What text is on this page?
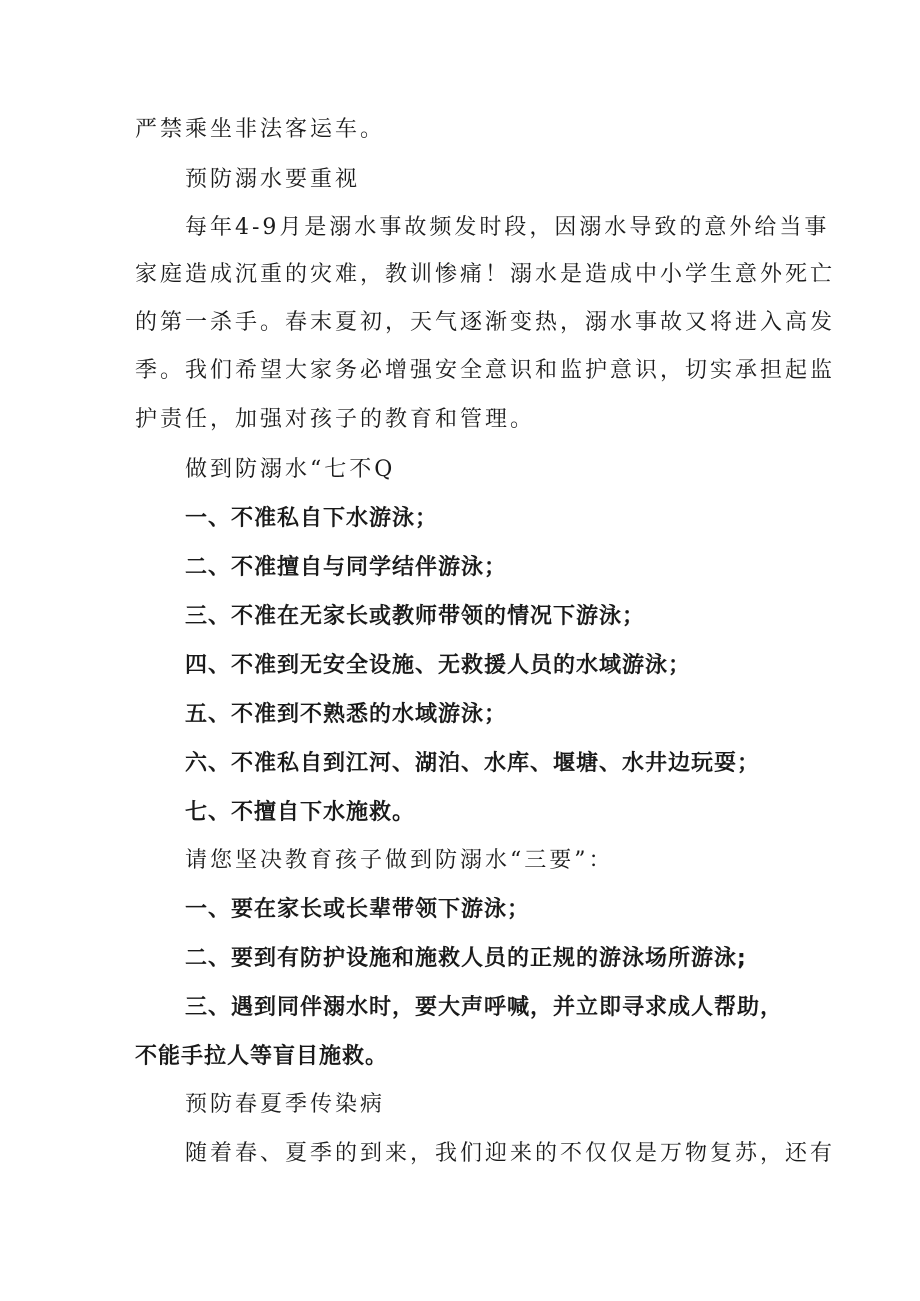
严禁乘坐非法客运车。
预防溺水要重视
每年4-9月是溺水事故频发时段，因溺水导致的意外给当事
家庭造成沉重的灾难，教训惨痛！溺水是造成中小学生意外死亡
的第一杀手。春末夏初，天气逐渐变热，溺水事故又将进入高发
季。我们希望大家务必增强安全意识和监护意识，切实承担起监
护责任，加强对孩子的教育和管理。
做到防溺水“七不Q
一、不准私自下水游泳；
二、不准擅自与同学结伴游泳；
三、不准在无家长或教师带领的情况下游泳；
四、不准到无安全设施、无救援人员的水域游泳；
五、不准到不熟悉的水域游泳；
六、不准私自到江河、湖泊、水库、堰塘、水井边玩耍；
七、不擅自下水施救。
请您坚决教育孩子做到防溺水“三要”：
一、要在家长或长辈带领下游泳；
二、要到有防护设施和施救人员的正规的游泳场所游泳;
三、遇到同伴溺水时，要大声呼喊，并立即寻求成人帮助，
不能手拉人等盲目施救。
预防春夏季传染病
随着春、夏季的到来，我们迎来的不仅仅是万物复苏，还有
